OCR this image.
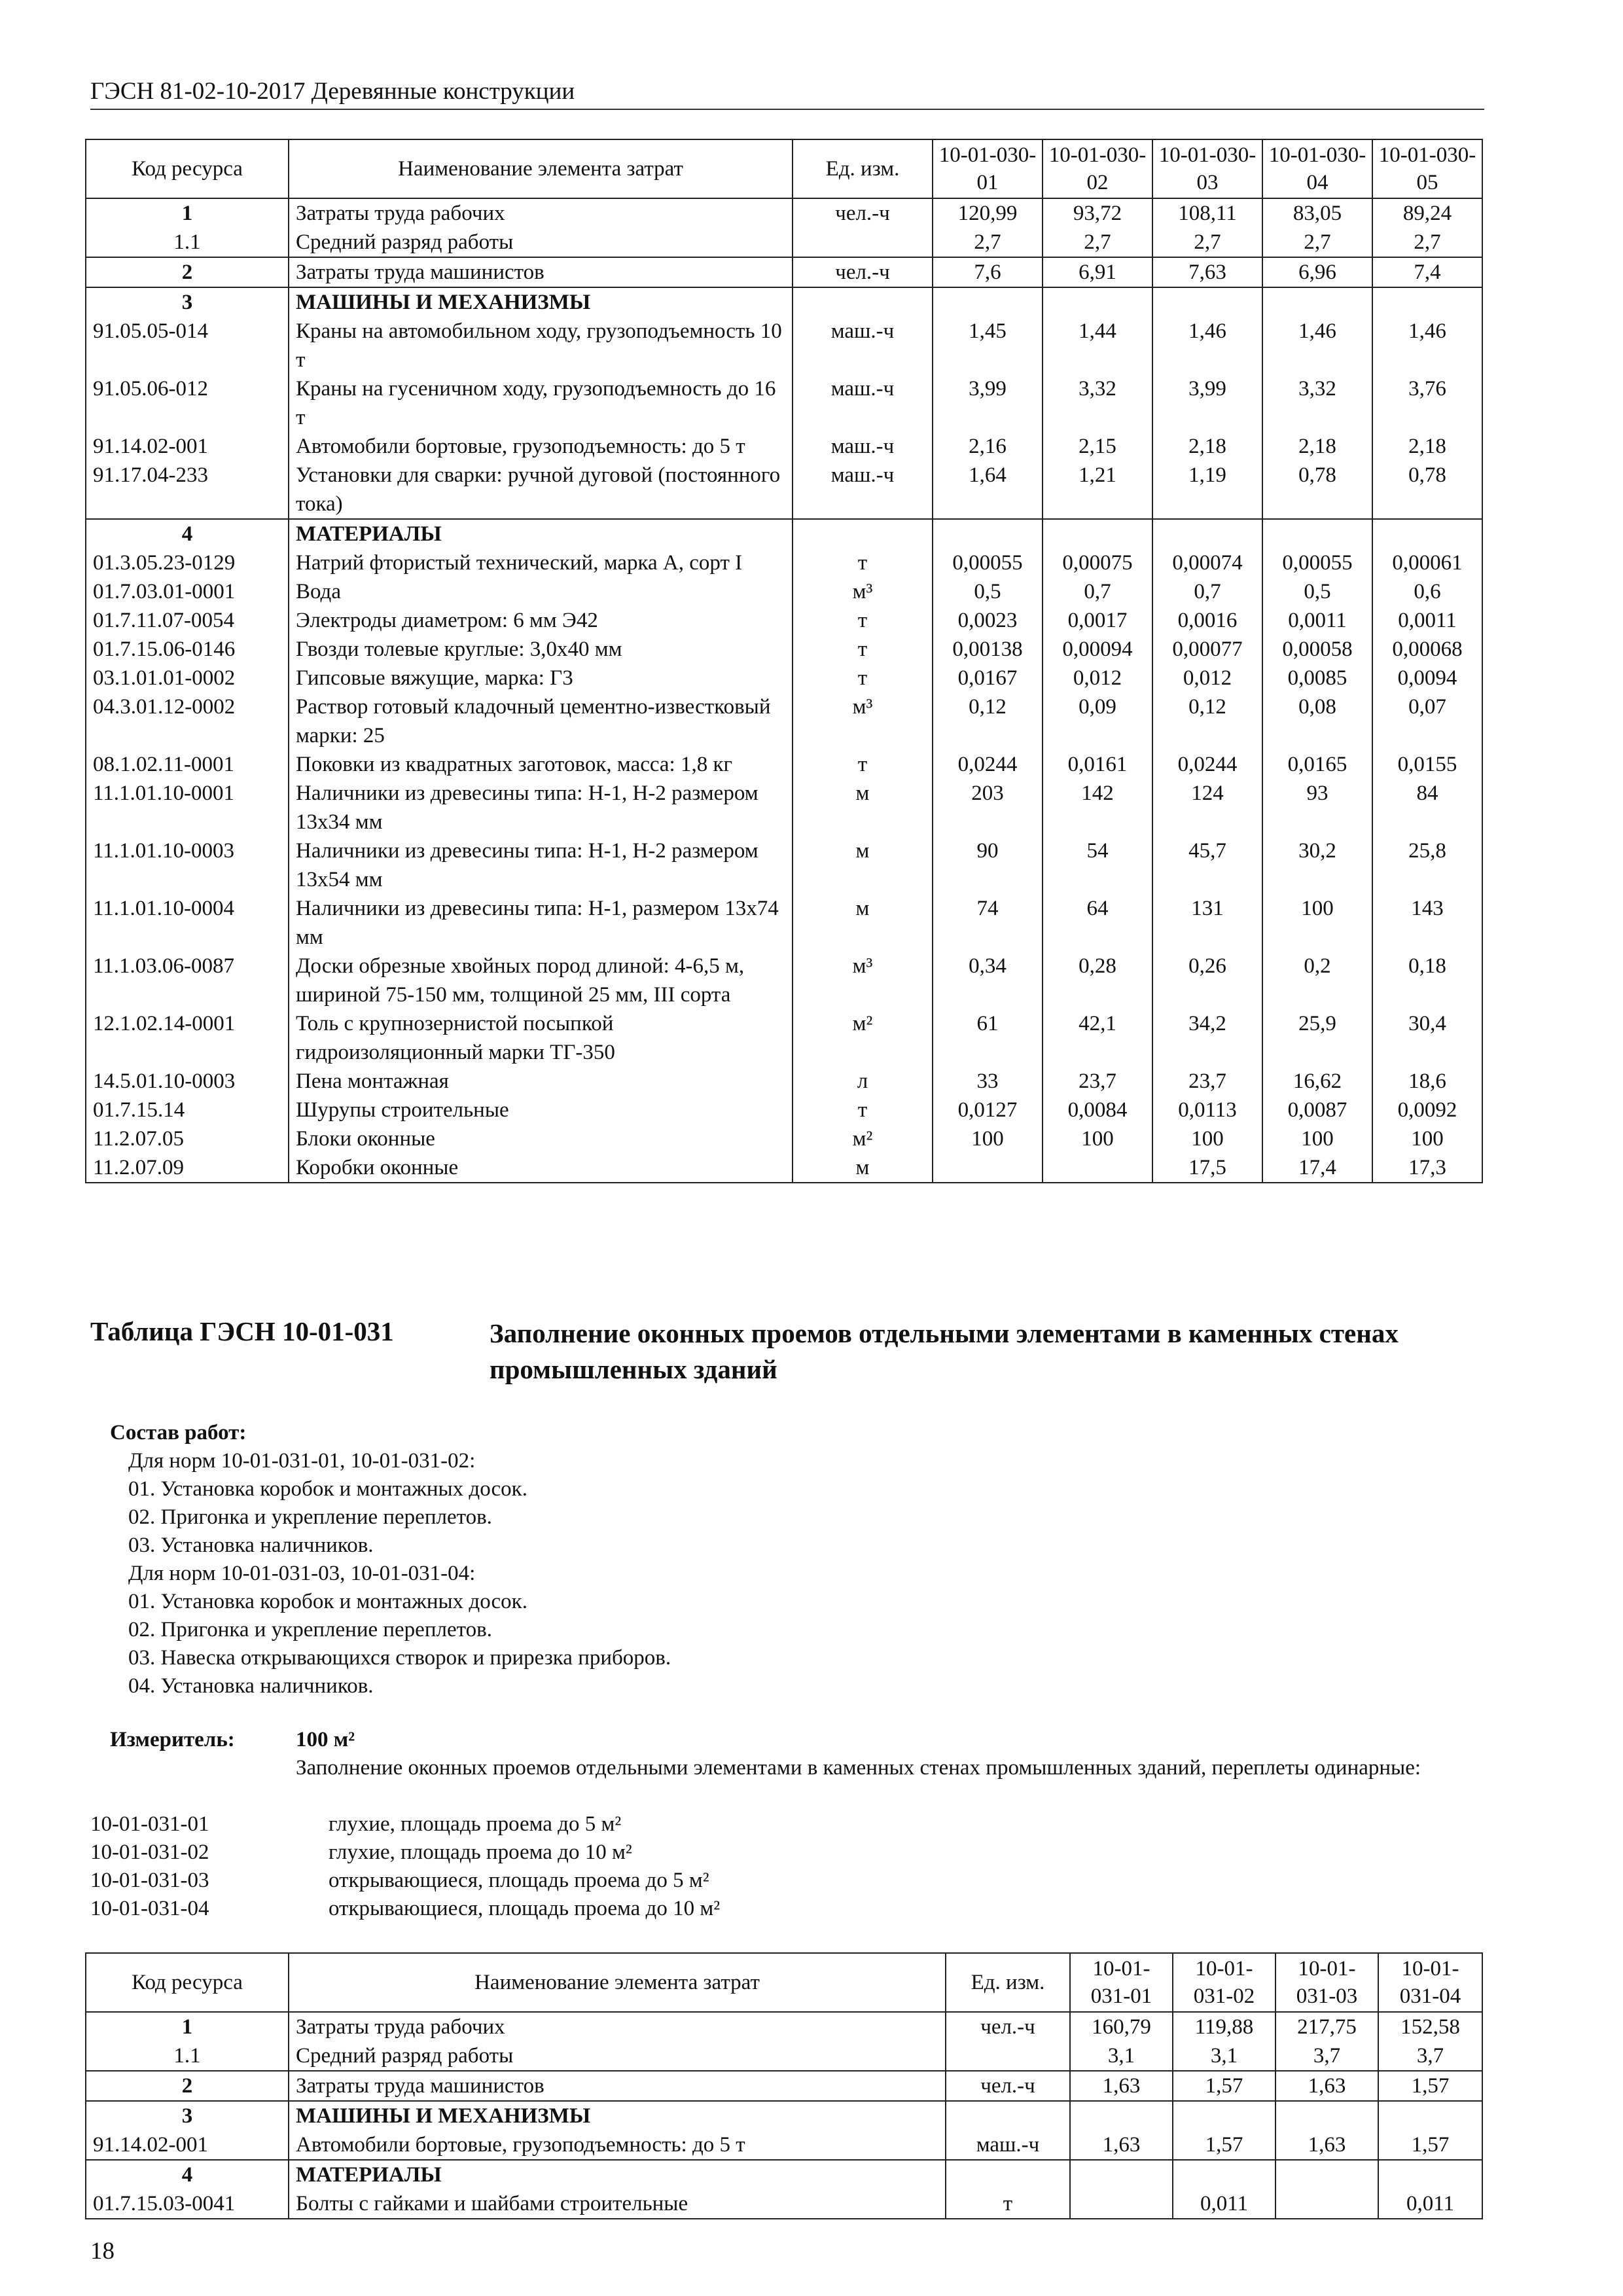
ГЭСН 81-02-10-2017 Деревянные конструкции
Код ресурса	Наименование элемента затрат	Ед. изм.	10-01-030-01	10-01-030-02	10-01-030-03	10-01-030-04	10-01-030-05
1	Затраты труда рабочих	чел.-ч	120,99	93,72	108,11	83,05	89,24
1.1	Средний разряд работы		2,7	2,7	2,7	2,7	2,7
2	Затраты труда машинистов	чел.-ч	7,6	6,91	7,63	6,96	7,4
3	МАШИНЫ И МЕХАНИЗМЫ						
91.05.05-014	Краны на автомобильном ходу, грузоподъемность 10 т	маш.-ч	1,45	1,44	1,46	1,46	1,46
91.05.06-012	Краны на гусеничном ходу, грузоподъемность до 16 т	маш.-ч	3,99	3,32	3,99	3,32	3,76
91.14.02-001	Автомобили бортовые, грузоподъемность: до 5 т	маш.-ч	2,16	2,15	2,18	2,18	2,18
91.17.04-233	Установки для сварки: ручной дуговой (постоянного тока)	маш.-ч	1,64	1,21	1,19	0,78	0,78
4	МАТЕРИАЛЫ						
01.3.05.23-0129	Натрий фтористый технический, марка А, сорт I	т	0,00055	0,00075	0,00074	0,00055	0,00061
01.7.03.01-0001	Вода	м³	0,5	0,7	0,7	0,5	0,6
01.7.11.07-0054	Электроды диаметром: 6 мм Э42	т	0,0023	0,0017	0,0016	0,0011	0,0011
01.7.15.06-0146	Гвозди толевые круглые: 3,0х40 мм	т	0,00138	0,00094	0,00077	0,00058	0,00068
03.1.01.01-0002	Гипсовые вяжущие, марка: Г3	т	0,0167	0,012	0,012	0,0085	0,0094
04.3.01.12-0002	Раствор готовый кладочный цементно-известковый марки: 25	м³	0,12	0,09	0,12	0,08	0,07
08.1.02.11-0001	Поковки из квадратных заготовок, масса: 1,8 кг	т	0,0244	0,0161	0,0244	0,0165	0,0155
11.1.01.10-0001	Наличники из древесины типа: Н-1, Н-2 размером 13х34 мм	м	203	142	124	93	84
11.1.01.10-0003	Наличники из древесины типа: Н-1, Н-2 размером 13х54 мм	м	90	54	45,7	30,2	25,8
11.1.01.10-0004	Наличники из древесины типа: Н-1, размером 13х74 мм	м	74	64	131	100	143
11.1.03.06-0087	Доски обрезные хвойных пород длиной: 4-6,5 м, шириной 75-150 мм, толщиной 25 мм, III сорта	м³	0,34	0,28	0,26	0,2	0,18
12.1.02.14-0001	Толь с крупнозернистой посыпкой гидроизоляционный марки ТГ-350	м²	61	42,1	34,2	25,9	30,4
14.5.01.10-0003	Пена монтажная	л	33	23,7	23,7	16,62	18,6
01.7.15.14	Шурупы строительные	т	0,0127	0,0084	0,0113	0,0087	0,0092
11.2.07.05	Блоки оконные	м²	100	100	100	100	100
11.2.07.09	Коробки оконные	м			17,5	17,4	17,3
Таблица ГЭСН 10-01-031	Заполнение оконных проемов отдельными элементами в каменных стенах промышленных зданий
Состав работ:
Для норм 10-01-031-01, 10-01-031-02:
01. Установка коробок и монтажных досок.
02. Пригонка и укрепление переплетов.
03. Установка наличников.
Для норм 10-01-031-03, 10-01-031-04:
01. Установка коробок и монтажных досок.
02. Пригонка и укрепление переплетов.
03. Навеска открывающихся створок и прирезка приборов.
04. Установка наличников.
Измеритель:	100 м²
Заполнение оконных проемов отдельными элементами в каменных стенах промышленных зданий, переплеты одинарные:
10-01-031-01	глухие, площадь проема до 5 м²
10-01-031-02	глухие, площадь проема до 10 м²
10-01-031-03	открывающиеся, площадь проема до 5 м²
10-01-031-04	открывающиеся, площадь проема до 10 м²
Код ресурса	Наименование элемента затрат	Ед. изм.	10-01-031-01	10-01-031-02	10-01-031-03	10-01-031-04
1	Затраты труда рабочих	чел.-ч	160,79	119,88	217,75	152,58
1.1	Средний разряд работы		3,1	3,1	3,7	3,7
2	Затраты труда машинистов	чел.-ч	1,63	1,57	1,63	1,57
3	МАШИНЫ И МЕХАНИЗМЫ					
91.14.02-001	Автомобили бортовые, грузоподъемность: до 5 т	маш.-ч	1,63	1,57	1,63	1,57
4	МАТЕРИАЛЫ					
01.7.15.03-0041	Болты с гайками и шайбами строительные	т		0,011		0,011
18
